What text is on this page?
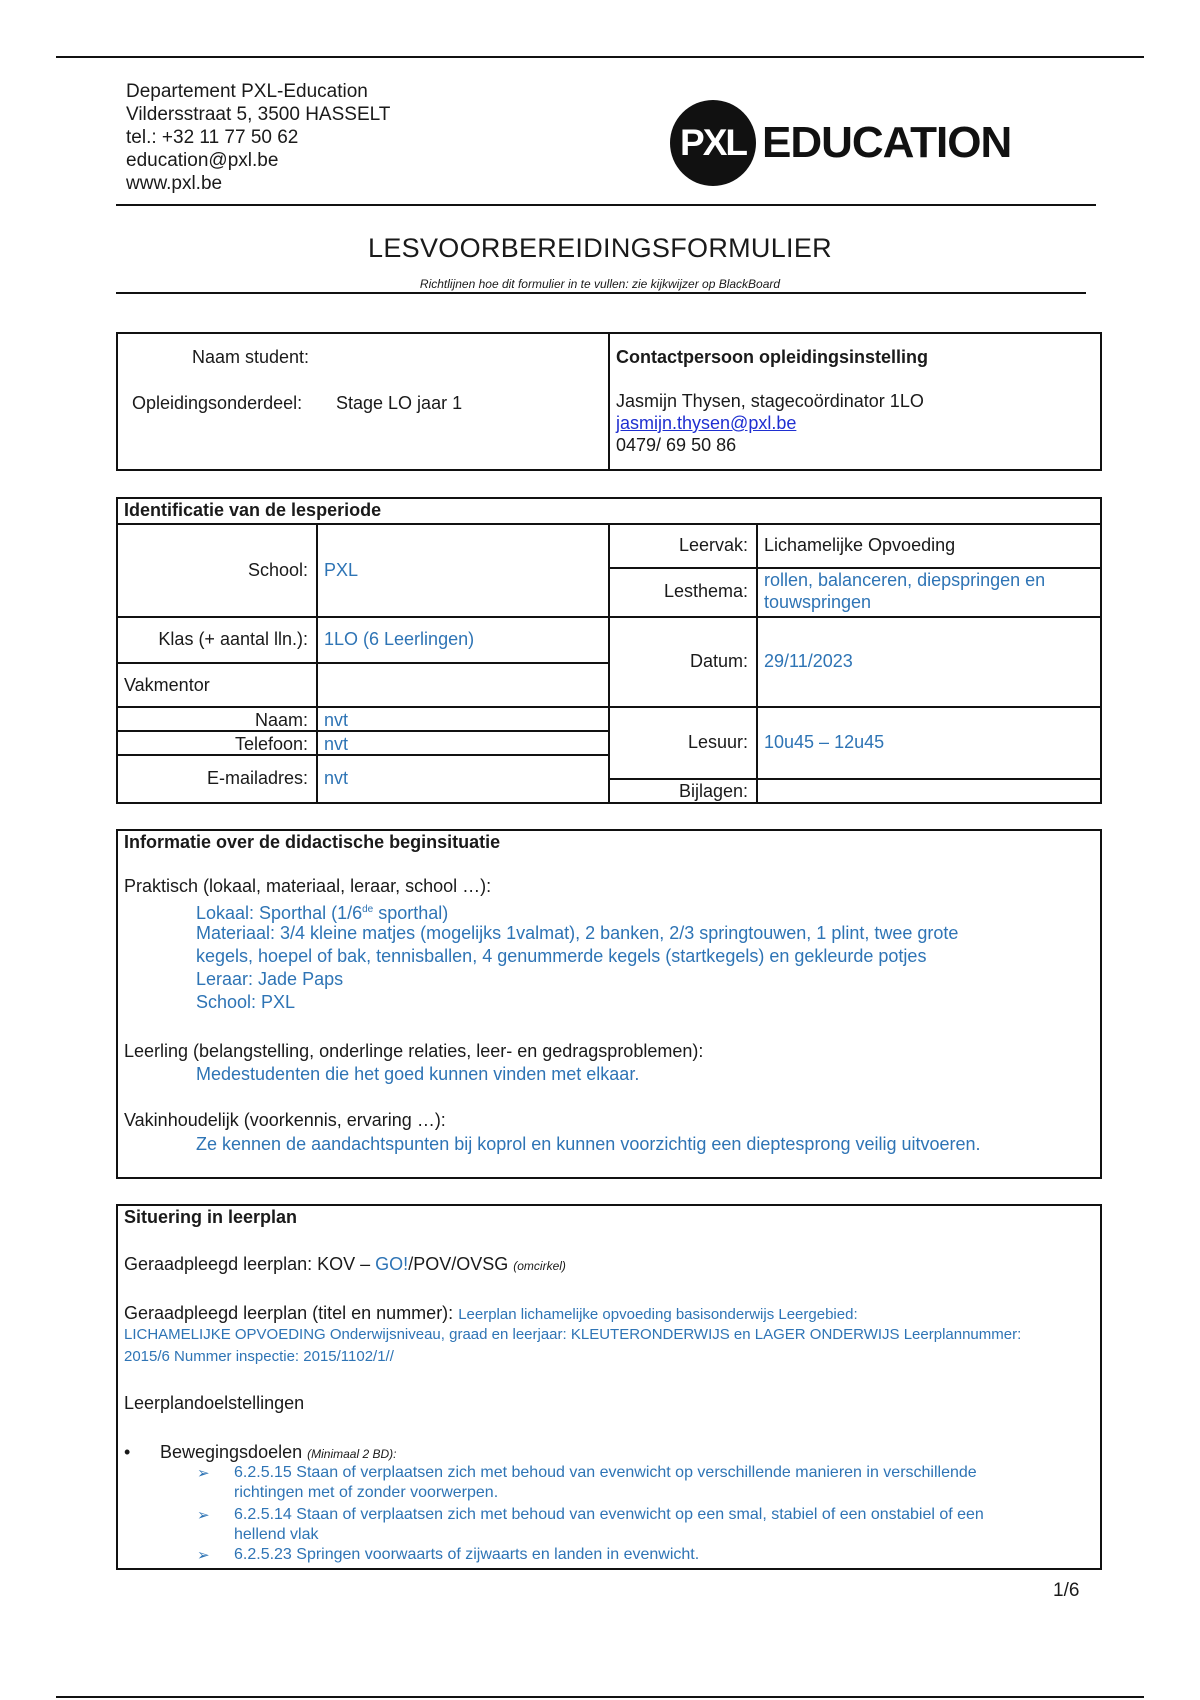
Departement PXL-Education
Vildersstraat 5, 3500 HASSELT
tel.: +32 11 77 50 62
education@pxl.be
www.pxl.be
PXL EDUCATION
LESVOORBEREIDINGSFORMULIER
Richtlijnen hoe dit formulier in te vullen: zie kijkwijzer op BlackBoard
Naam student:
Opleidingsonderdeel: Stage LO jaar 1
Contactpersoon opleidingsinstelling
Jasmijn Thysen, stagecoördinator 1LO
jasmijn.thysen@pxl.be
0479/ 69 50 86
Identificatie van de lesperiode
School: PXL
Klas (+ aantal lln.): 1LO (6 Leerlingen)
Vakmentor
Naam: nvt
Telefoon: nvt
E-mailadres: nvt
Leervak: Lichamelijke Opvoeding
Lesthema:
rollen, balanceren, diepspringen en
touwspringen
Datum: 29/11/2023
Lesuur: 10u45 – 12u45
Bijlagen:
Informatie over de didactische beginsituatie
Praktisch (lokaal, materiaal, leraar, school …):
Lokaal: Sporthal (1/6de sporthal)
Materiaal: 3/4 kleine matjes (mogelijks 1valmat), 2 banken, 2/3 springtouwen, 1 plint, twee grote
kegels, hoepel of bak, tennisballen, 4 genummerde kegels (startkegels) en gekleurde potjes
Leraar: Jade Paps
School: PXL
Leerling (belangstelling, onderlinge relaties, leer- en gedragsproblemen):
Medestudenten die het goed kunnen vinden met elkaar.
Vakinhoudelijk (voorkennis, ervaring …):
Ze kennen de aandachtspunten bij koprol en kunnen voorzichtig een dieptesprong veilig uitvoeren.
Situering in leerplan
Geraadpleegd leerplan: KOV – GO!/POV/OVSG (omcirkel)
Geraadpleegd leerplan (titel en nummer): Leerplan lichamelijke opvoeding basisonderwijs Leergebied:
LICHAMELIJKE OPVOEDING Onderwijsniveau, graad en leerjaar: KLEUTERONDERWIJS en LAGER ONDERWIJS Leerplannummer:
2015/6 Nummer inspectie: 2015/1102/1//
Leerplandoelstellingen
• Bewegingsdoelen (Minimaal 2 BD):
➢ 6.2.5.15 Staan of verplaatsen zich met behoud van evenwicht op verschillende manieren in verschillende
richtingen met of zonder voorwerpen.
➢ 6.2.5.14 Staan of verplaatsen zich met behoud van evenwicht op een smal, stabiel of een onstabiel of een
hellend vlak
➢ 6.2.5.23 Springen voorwaarts of zijwaarts en landen in evenwicht.
1/6
